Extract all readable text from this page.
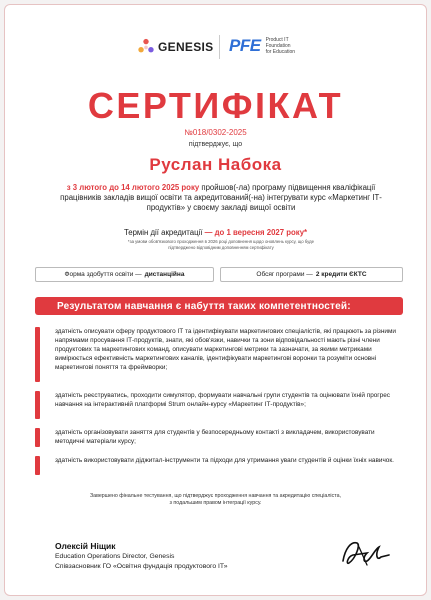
GENESIS PFE Product IT
Foundation
for Education
СЕРТИФІКАТ
№018/0302-2025
підтверджує, що
Руслан Набока
з 3 лютого до 14 лютого 2025 року пройшов(-ла) програму підвищення кваліфікації працівників закладів вищої освіти та акредитований(-на) інтегрувати курс «Маркетинг ІТ-продуктів» у своєму закладі вищої освіти
Термін дії акредитації — до 1 вересня 2027 року*
*за умови обов'язкового проходження в 2026 році доповнення щодо оновлень курсу, що буде підтверджено відповідним доповненням сертифікату
Форма здобуття освіти — дистанційна	Обсяг програми — 2 кредити ЄКТС
Результатом навчання є набуття таких компетентностей:
здатність описувати сферу продуктового ІТ та ідентифікувати маркетингових спеціалістів, які працюють за різними напрямами просування ІТ-продуктів, знати, які обов'язки, навички та зони відповідальності мають різні члени продуктових та маркетингових команд, описувати маркетингові метрики та зазначати, за якими метриками вимірюється ефективність маркетингових каналів, ідентифікувати маркетингові воронки та розуміти основні маркетингові поняття та фреймворки;
здатність реєструватись, проходити симулятор, формувати навчальні групи студентів та оцінювати їхній прогрес навчання на інтерактивній платформі Strum онлайн-курсу «Маркетинг ІТ-продуктів»;
здатність організовувати заняття для студентів у безпосередньому контакті з викладачем, використовувати методичні матеріали курсу;
здатність використовувати діджитал-інструменти та підходи для утримання уваги студентів й оцінки їхніх навичок.
Завершено фінальне тестування, що підтверджує проходження навчання та акредитацію спеціаліста,
з подальшим правом інтеграції курсу.
Олексій Ніщик
Education Operations Director, Genesis
Співзасновник ГО «Освітня фундація продуктового ІТ»
